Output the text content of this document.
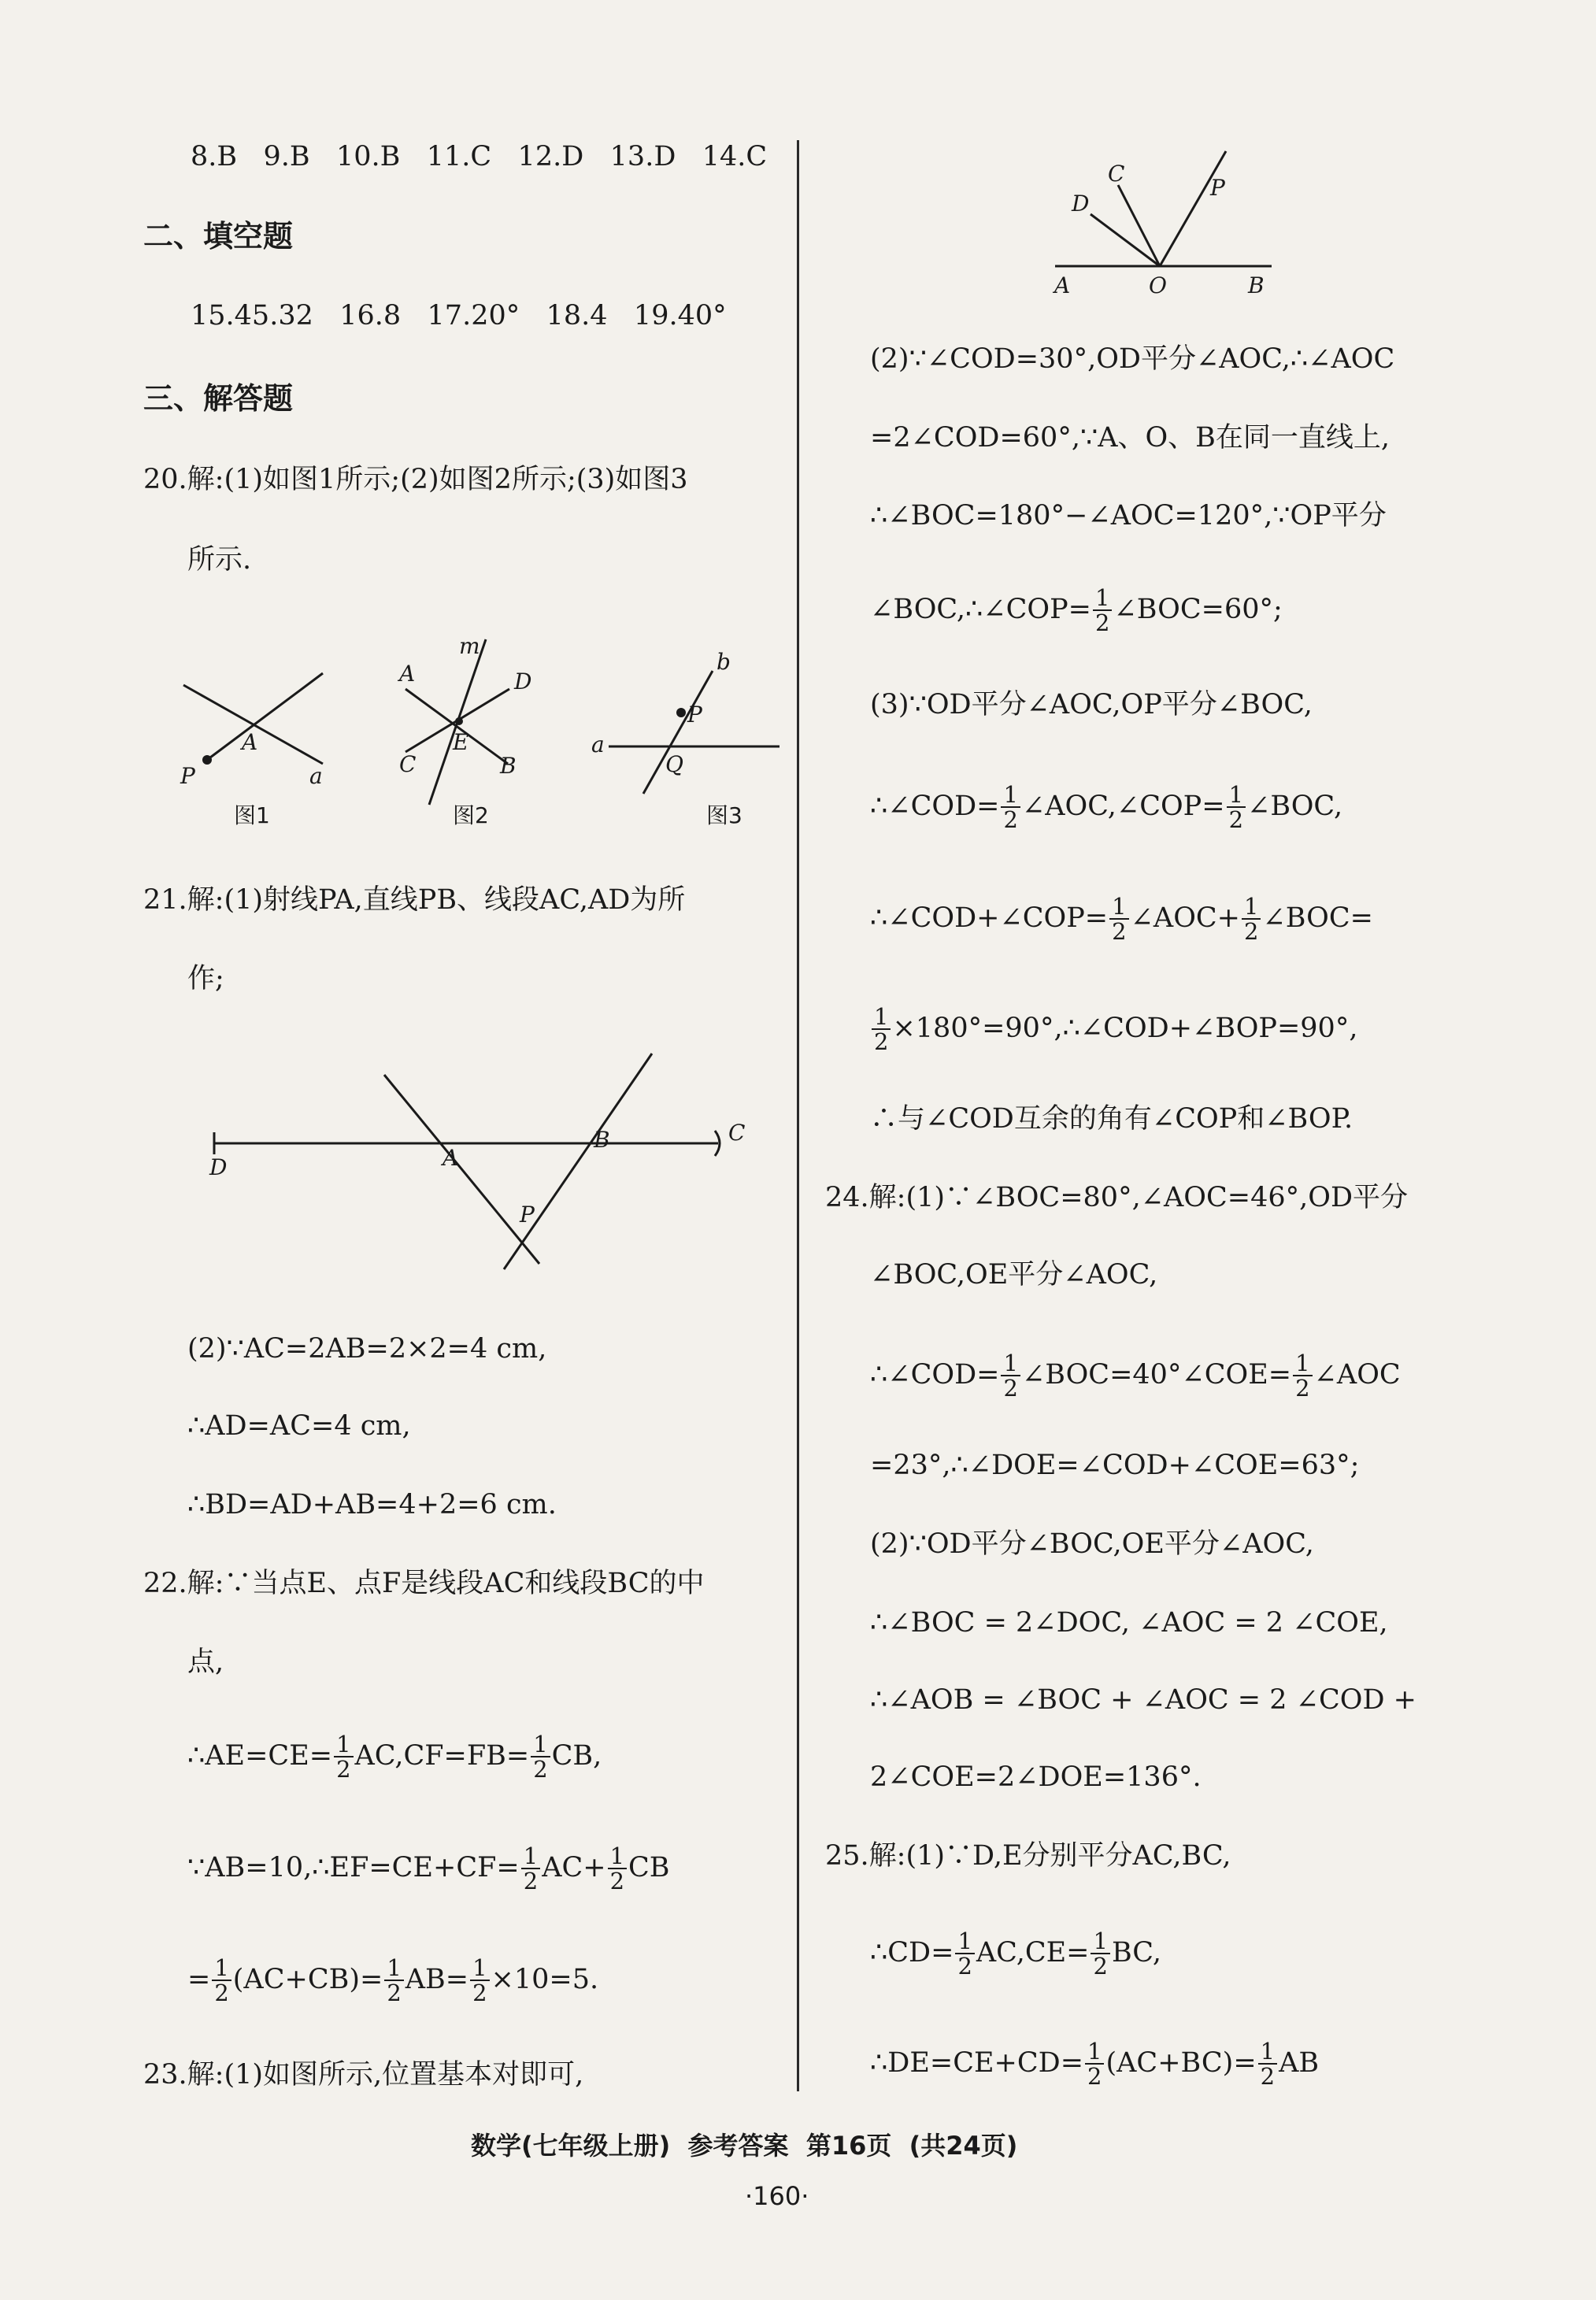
8.B   9.B   10.B   11.C   12.D   13.D   14.C
二、填空题
15.45.32   16.8   17.20°   18.4   19.40°
三、解答题
20.解:(1)如图1所示;(2)如图2所示;(3)如图3
所示.
P
A
a
图1
m
A	D
C
E
B
图2
b
P
a
Q
图3
21.解:(1)射线PA,直线PB、线段AC,AD为所
作;
D	A
B	C
P
(2)∵AC=2AB=2×2=4 cm,
∴AD=AC=4 cm,
∴BD=AD+AB=4+2=6 cm.
22.解:∵当点E、点F是线段AC和线段BC的中
点,
∴AE=CE= $\frac{1}{2} AC,CF=FB= \frac{1}{2}$ CB,
∵AB=10,∴EF=CE+CF= $\frac{1}{2} AC+ \frac{1}{2}$ CB
= $\frac{1}{2} (AC+CB)= \frac{1}{2} AB= \frac{1}{2} \times 10=5$.
23.解:(1)如图所示,位置基本对即可,
C
D
P
A	O	B
(2)∵∠COD=30°,OD平分∠AOC,∴∠AOC
=2∠COD=60°,∵A、O、B在同一直线上,
∴∠BOC=180°−∠AOC=120°,∵OP平分
∠BOC,∴∠COP= $\frac{1}{2}$ ∠BOC=60°;
(3)∵OD平分∠AOC,OP平分∠BOC,
∴∠COD= $\frac{1}{2}$ ∠AOC,∠COP= $\frac{1}{2}$ ∠BOC,
∴∠COD+∠COP= $\frac{1}{2}$ ∠AOC+ $\frac{1}{2}$ ∠BOC=
$\frac{1}{2}$ ×180°=90°,∴∠COD+∠BOP=90°,
∴与∠COD互余的角有∠COP和∠BOP.
24.解:(1)∵∠BOC=80°,∠AOC=46°,OD平分
∠BOC,OE平分∠AOC,
∴∠COD= $\frac{1}{2}$ ∠BOC=40°∠COE= $\frac{1}{2}$ ∠AOC
=23°,∴∠DOE=∠COD+∠COE=63°;
(2)∵OD平分∠BOC,OE平分∠AOC,
∴∠BOC = 2∠DOC, ∠AOC = 2 ∠COE,
∴∠AOB = ∠BOC + ∠AOC = 2 ∠COD +
2∠COE=2∠DOE=136°.
25.解:(1)∵D,E分别平分AC,BC,
∴CD= $\frac{1}{2} AC,CE= \frac{1}{2}$ BC,
∴DE=CE+CD= $\frac{1}{2} (AC+BC)= \frac{1}{2}$ AB
数学(七年级上册)  参考答案  第16页  (共24页)
·160·
